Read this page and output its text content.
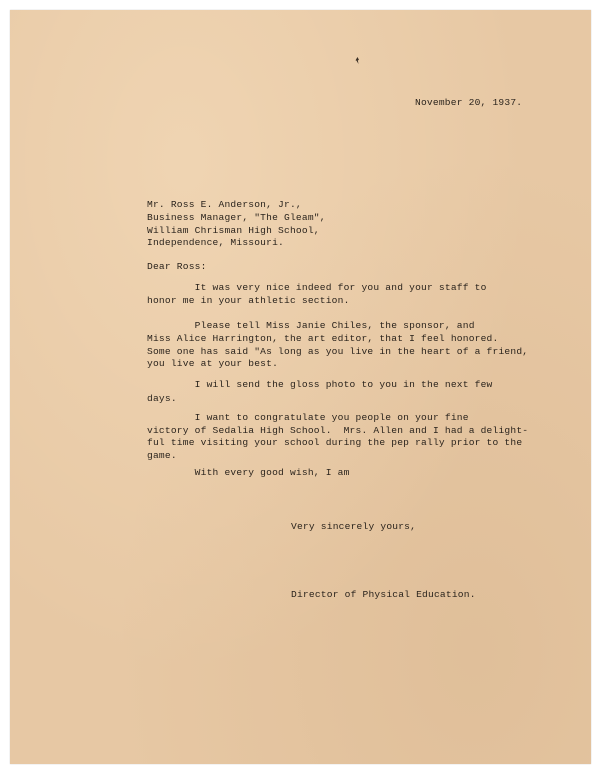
November 20, 1937.
Mr. Ross E. Anderson, Jr.,
Business Manager, "The Gleam",
William Chrisman High School,
Independence, Missouri.
Dear Ross:
It was very nice indeed for you and your staff to
honor me in your athletic section.
Please tell Miss Janie Chiles, the sponsor, and
Miss Alice Harrington, the art editor, that I feel honored.
Some one has said "As long as you live in the heart of a friend,
you live at your best.
I will send the gloss photo to you in the next few
days.
I want to congratulate you people on your fine
victory of Sedalia High School.  Mrs. Allen and I had a delight-
ful time visiting your school during the pep rally prior to the
game.
With every good wish, I am
Very sincerely yours,
Director of Physical Education.
